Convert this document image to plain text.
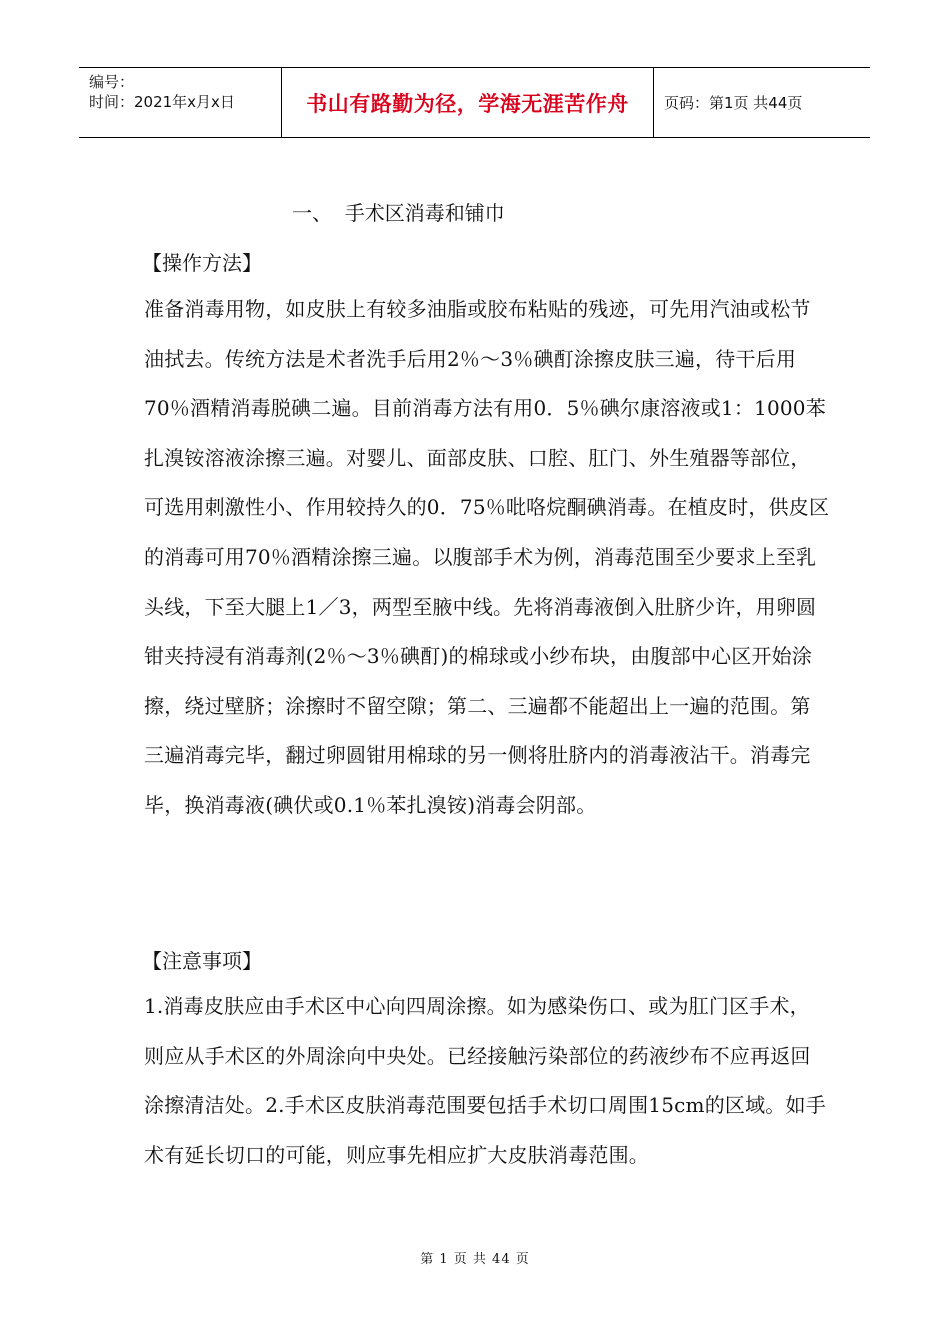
编号：
时间：2021年x月x日	书山有路勤为径，学海无涯苦作舟	页码：第1页 共44页
一、  手术区消毒和铺巾
【操作方法】

准备消毒用物，如皮肤上有较多油脂或胶布粘贴的残迹，可先用汽油或松节油拭去。传统方法是术者洗手后用2％～3％碘酊涂擦皮肤三遍，待干后用70％酒精消毒脱碘二遍。目前消毒方法有用0．5％碘尔康溶液或1：1000苯扎溴铵溶液涂擦三遍。对婴儿、面部皮肤、口腔、肛门、外生殖器等部位，可选用刺激性小、作用较持久的0．75％吡咯烷酮碘消毒。在植皮时，供皮区的消毒可用70％酒精涂擦三遍。以腹部手术为例，消毒范围至少要求上至乳头线，下至大腿上1／3，两型至腋中线。先将消毒液倒入肚脐少许，用卵圆钳夹持浸有消毒剂(2％～3％碘酊)的棉球或小纱布块，由腹部中心区开始涂擦，绕过壁脐；涂擦时不留空隙；第二、三遍都不能超出上一遍的范围。第三遍消毒完毕，翻过卵圆钳用棉球的另一侧将肚脐内的消毒液沾干。消毒完毕，换消毒液(碘伏或0.1％苯扎溴铵)消毒会阴部。

【注意事项】

1.消毒皮肤应由手术区中心向四周涂擦。如为感染伤口、或为肛门区手术，则应从手术区的外周涂向中央处。已经接触污染部位的药液纱布不应再返回涂擦清洁处。2.手术区皮肤消毒范围要包括手术切口周围15cm的区域。如手术有延长切口的可能，则应事先相应扩大皮肤消毒范围。

第 1 页 共 44 页
